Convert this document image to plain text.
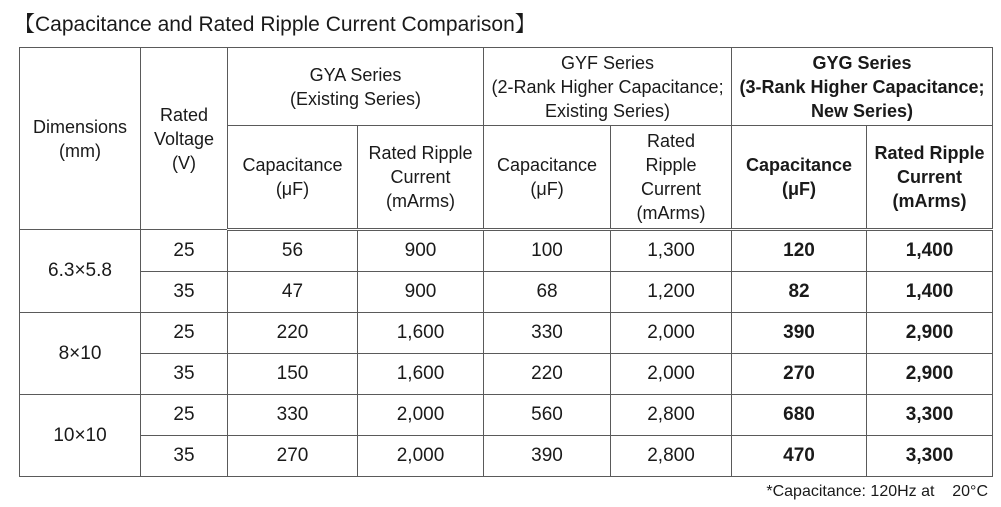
【Capacitance and Rated Ripple Current Comparison】
Dimensions
(mm)	Rated
Voltage
(V)	GYA Series
(Existing Series)		GYF Series
(2-Rank Higher Capacitance;
Existing Series)		GYG Series
(3-Rank Higher Capacitance;
New Series)	

		Capacitance
(μF)	Rated Ripple
Current
(mArms)	Capacitance
(μF)	Rated
Ripple
Current
(mArms)	Capacitance
(μF)	Rated Ripple
Current
(mArms)

6.3×5.8	25	56	900	100	1,300	120	1,400
	35	47	900	68	1,200	82	1,400
8×10	25	220	1,600	330	2,000	390	2,900
	35	150	1,600	220	2,000	270	2,900
10×10	25	330	2,000	560	2,800	680	3,300
	35	270	2,000	390	2,800	470	3,300
*Capacitance: 120Hz at    20°C
